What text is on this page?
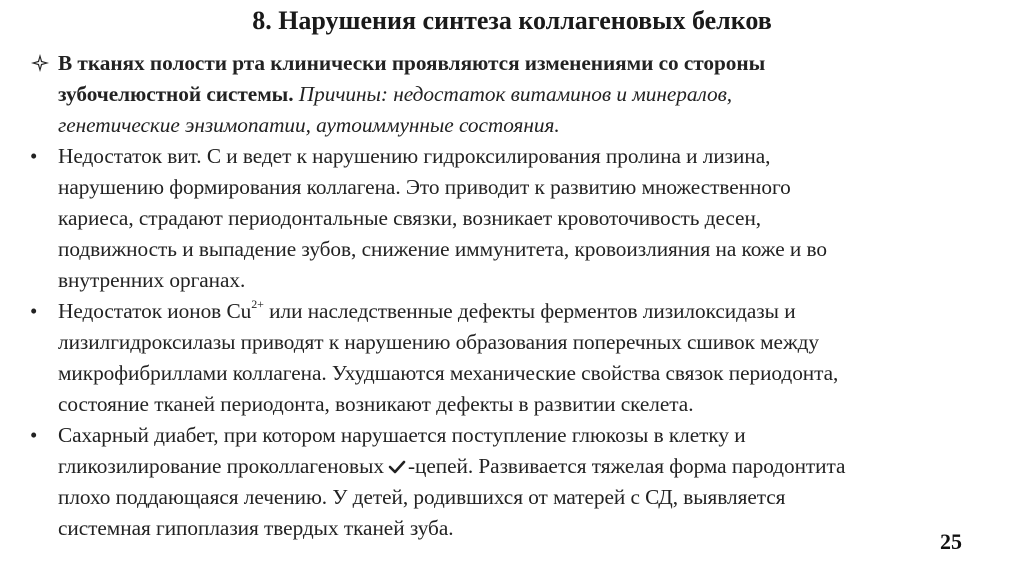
8. Нарушения синтеза коллагеновых белков
В тканях полости рта клинически проявляются изменениями со стороны
зубочелюстной системы. Причины: недостаток витаминов и минералов,
генетические энзимопатии, аутоиммунные состояния.
• Недостаток вит. С и ведет к нарушению гидроксилирования пролина и лизина,
нарушению формирования коллагена. Это приводит к развитию множественного
кариеса, страдают периодонтальные связки, возникает кровоточивость десен,
подвижность и выпадение зубов, снижение иммунитета, кровоизлияния на коже и во
внутренних органах.
• Недостаток ионов $Cu^{2+}$ или наследственные дефекты ферментов лизилоксидазы и
лизилгидроксилазы приводят к нарушению образования поперечных сшивок между
микрофибриллами коллагена. Ухудшаются механические свойства связок периодонта,
состояние тканей периодонта, возникают дефекты в развитии скелета.
• Сахарный диабет, при котором нарушается поступление глюкозы в клетку и
гликозилирование проколлагеновых -цепей. Развивается тяжелая форма пародонтита
плохо поддающаяся лечению. У детей, родившихся от матерей с СД, выявляется
системная гипоплазия твердых тканей зуба.
25
